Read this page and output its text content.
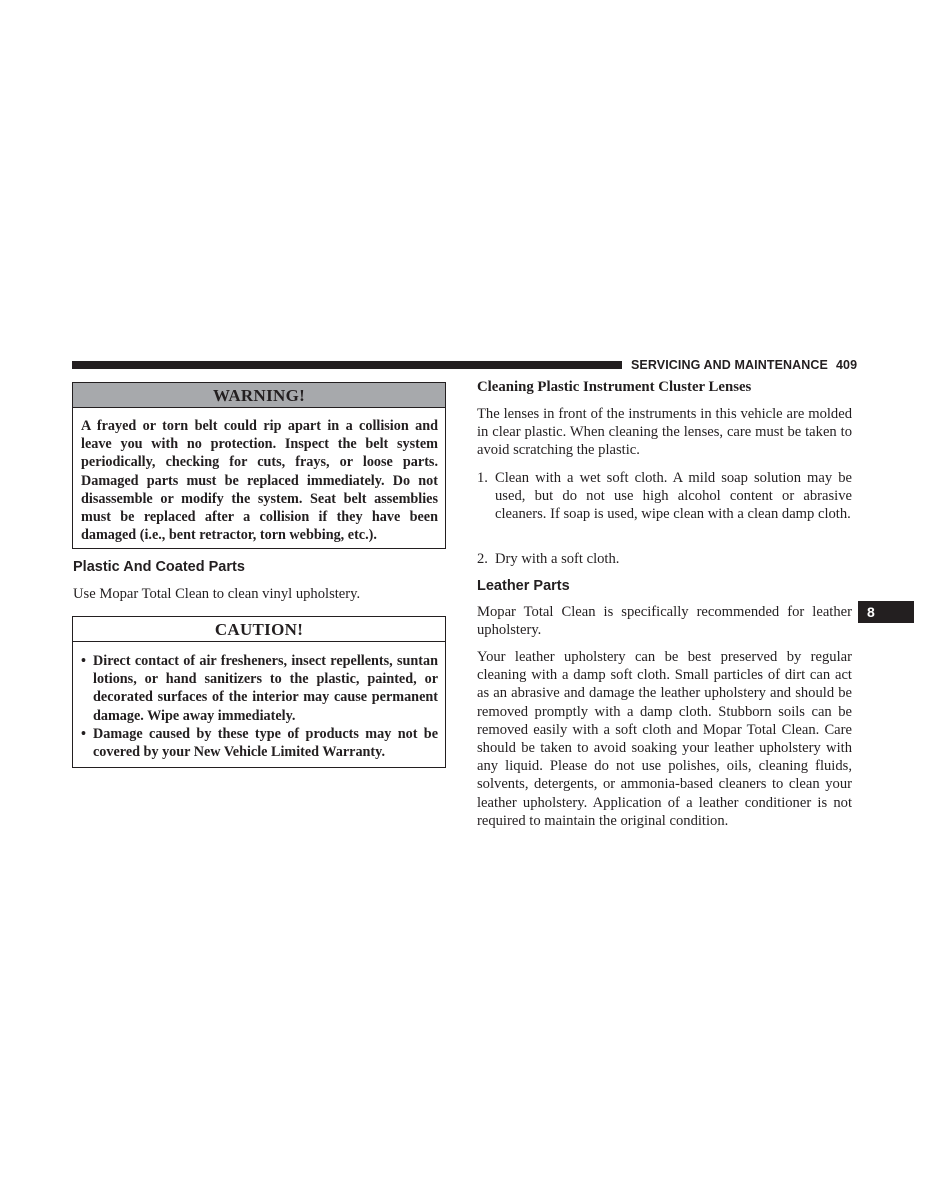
SERVICING AND MAINTENANCE 409
8
WARNING!
A frayed or torn belt could rip apart in a collision and leave you with no protection. Inspect the belt system periodically, checking for cuts, frays, or loose parts. Damaged parts must be replaced immediately. Do not disassemble or modify the system. Seat belt assemblies must be replaced after a collision if they have been damaged (i.e., bent retractor, torn webbing, etc.).
Plastic And Coated Parts
Use Mopar Total Clean to clean vinyl upholstery.
CAUTION!
• Direct contact of air fresheners, insect repellents, suntan lotions, or hand sanitizers to the plastic, painted, or decorated surfaces of the interior may cause permanent damage. Wipe away immediately.
• Damage caused by these type of products may not be covered by your New Vehicle Limited Warranty.
Cleaning Plastic Instrument Cluster Lenses
The lenses in front of the instruments in this vehicle are molded in clear plastic. When cleaning the lenses, care must be taken to avoid scratching the plastic.
1. Clean with a wet soft cloth. A mild soap solution may be used, but do not use high alcohol content or abrasive cleaners. If soap is used, wipe clean with a clean damp cloth.
2. Dry with a soft cloth.
Leather Parts
Mopar Total Clean is specifically recommended for leather upholstery.
Your leather upholstery can be best preserved by regular cleaning with a damp soft cloth. Small particles of dirt can act as an abrasive and damage the leather upholstery and should be removed promptly with a damp cloth. Stubborn soils can be removed easily with a soft cloth and Mopar Total Clean. Care should be taken to avoid soaking your leather upholstery with any liquid. Please do not use polishes, oils, cleaning fluids, solvents, detergents, or ammonia-based cleaners to clean your leather upholstery. Application of a leather conditioner is not required to maintain the original condition.
